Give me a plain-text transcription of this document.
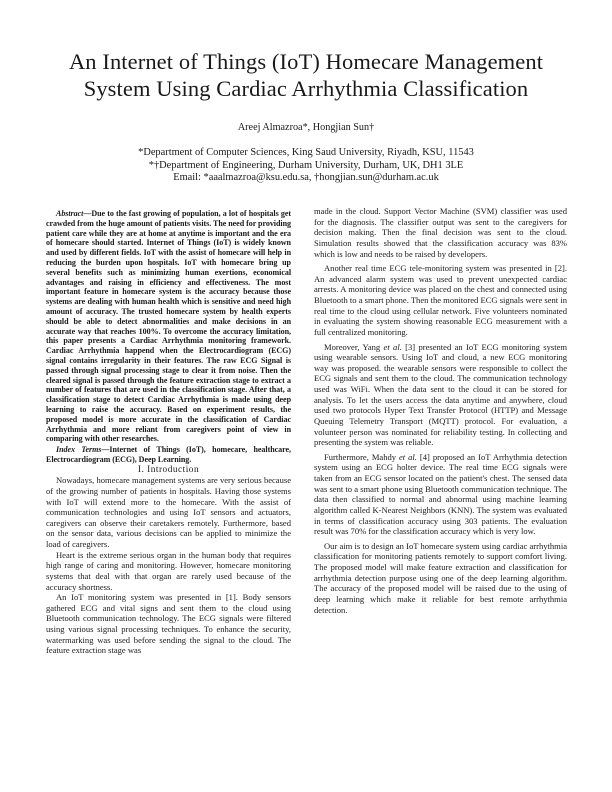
An Internet of Things (IoT) Homecare Management
System Using Cardiac Arrhythmia Classification
Areej Almazroa*, Hongjian Sun†
*Department of Computer Sciences, King Saud University, Riyadh, KSU, 11543
*†Department of Engineering, Durham University, Durham, UK, DH1 3LE
Email: *aaalmazroa@ksu.edu.sa, †hongjian.sun@durham.ac.uk

Abstract—Due to the fast growing of population, a lot of hospitals get crawded from the huge amount of patients visits. The need for providing patient care while they are at home at anytime is important and the era of homecare should started. Internet of Things (IoT) is widely known and used by different fields. IoT with the assist of homecare will help in reducing the burden upon hospitals. IoT with homecare bring up several benefits such as minimizing human exertions, economical advantages and raising in efficiency and effectiveness. The most important feature in homecare system is the accuracy because those systems are dealing with human health which is sensitive and need high amount of accuracy. The trusted homecare system by health experts should be able to detect abnormalities and make decisions in an accurate way that reaches 100%. To overcome the accuracy limitation, this paper presents a Cardiac Arrhythmia monitoring framework. Cardiac Arrhythmia happend when the Electrocardiogram (ECG) signal contains irregularity in their features. The raw ECG Signal is passed through signal processing stage to clear it from noise. Then the cleared signal is passed through the feature extraction stage to extract a number of features that are used in the classification stage. After that, a classification stage to detect Cardiac Arrhythmia is made using deep learning to raise the accuracy. Based on experiment results, the proposed model is more accurate in the classification of Cardiac Arrhythmia and more reliant from caregivers point of view in comparing with other researches.

Index Terms—Internet of Things (IoT), homecare, healthcare, Electrocardiogram (ECG), Deep Learning.

I. Introduction

Nowadays, homecare management systems are very serious because of the growing number of patients in hospitals. Having those systems with IoT will extend more to the homecare. With the assist of communication technologies and using IoT sensors and actuators, caregivers can observe their caretakers remotely. Furthermore, based on the sensor data, various decisions can be applied to minimize the load of caregivers.

Heart is the extreme serious organ in the human body that requires high range of caring and monitoring. However, homecare monitoring systems that deal with that organ are rarely used because of the accuracy shortness.

An IoT monitoring system was presented in [1]. Body sensors gathered ECG and vital signs and sent them to the cloud using Bluetooth communication technology. The ECG signals were filtered using various signal processing techniques. To enhance the security, watermarking was used before sending the signal to the cloud. The feature extraction stage was

made in the cloud. Support Vector Machine (SVM) classifier was used for the diagnosis. The classifier output was sent to the caregivers for decision making. Then the final decision was sent to the cloud. Simulation results showed that the classification accuracy was 83% which is low and needs to be raised by developers.

Another real time ECG tele-monitoring system was presented in [2]. An advanced alarm system was used to prevent unexpected cardiac arrests. A monitoring device was placed on the chest and connected using Bluetooth to a smart phone. Then the monitored ECG signals were sent in real time to the cloud using cellular network. Five volunteers nominated in evaluating the system showing reasonable ECG measurement with a full centralized monitoring.

Moreover, Yang et al. [3] presented an IoT ECG monitoring system using wearable sensors. Using IoT and cloud, a new ECG monitoring way was proposed. the wearable sensors were responsible to collect the ECG signals and sent them to the cloud. The communication technology used was WiFi. When the data sent to the cloud it can be stored for analysis. To let the users access the data anytime and anywhere, cloud used two protocols Hyper Text Transfer Protocol (HTTP) and Message Queuing Telemetry Transport (MQTT) protocol. For evaluation, a volunteer person was nominated for reliability testing. In collecting and presenting the system was reliable.

Furthermore, Mahdy et al. [4] proposed an IoT Arrhythmia detection system using an ECG holter device. The real time ECG signals were taken from an ECG sensor located on the patient's chest. The sensed data was sent to a smart phone using Bluetooth communication technique. The data then classified to normal and abnormal using machine learning algorithm called K-Nearest Neighbors (KNN). The system was evaluated in terms of classification accuracy using 303 patients. The evaluation result was 70% for the classification accuracy which is very low.

Our aim is to design an IoT homecare system using cardiac arrhythmia classification for monitoring patients remotely to support comfort living. The proposed model will make feature extraction and classification for arrhythmia detection purpose using one of the deep learning algorithm. The accuracy of the proposed model will be raised due to the using of deep learning which make it reliable for best remote arrhythmia detection.
